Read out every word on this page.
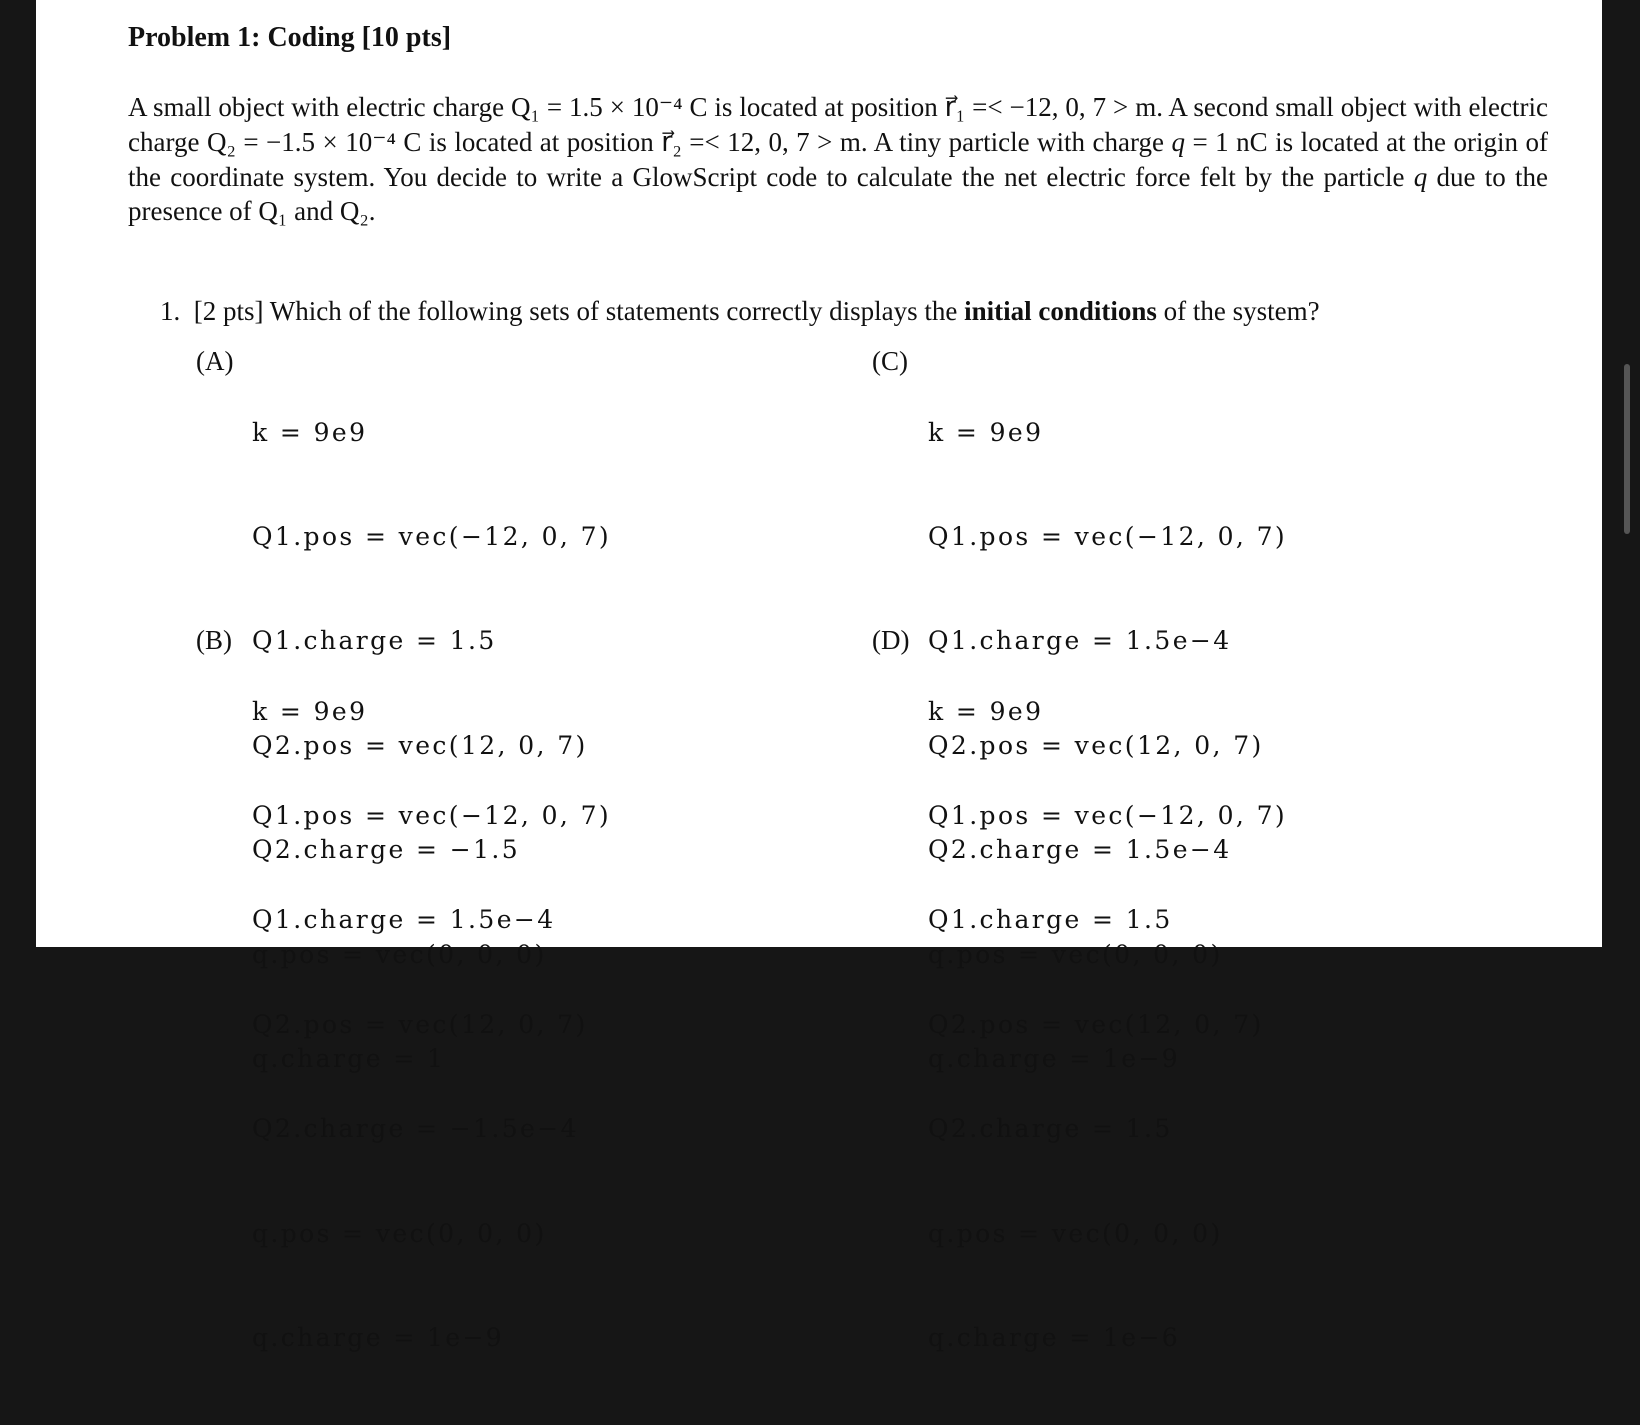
Problem 1: Coding [10 pts]
A small object with electric charge Q₁ = 1.5 × 10⁻⁴ C is located at position r⃗₁ =< −12, 0, 7 > m. A second small object with electric charge Q₂ = −1.5 × 10⁻⁴ C is located at position r⃗₂ =< 12, 0, 7 > m. A tiny particle with charge q = 1 nC is located at the origin of the coordinate system. You decide to write a GlowScript code to calculate the net electric force felt by the particle q due to the presence of Q₁ and Q₂.
1. [2 pts] Which of the following sets of statements correctly displays the initial conditions of the system?
(A)

k = 9e9

Q1.pos = vec(−12, 0, 7)

Q1.charge = 1.5

Q2.pos = vec(12, 0, 7)

Q2.charge = −1.5

q.pos = vec(0, 0, 0)

q.charge = 1

(B)

k = 9e9

Q1.pos = vec(−12, 0, 7)

Q1.charge = 1.5e−4

Q2.pos = vec(12, 0, 7)

Q2.charge = −1.5e−4

q.pos = vec(0, 0, 0)

q.charge = 1e−9

(C)

k = 9e9

Q1.pos = vec(−12, 0, 7)

Q1.charge = 1.5e−4

Q2.pos = vec(12, 0, 7)

Q2.charge = 1.5e−4

q.pos = vec(0, 0, 0)

q.charge = 1e−9

(D)

k = 9e9

Q1.pos = vec(−12, 0, 7)

Q1.charge = 1.5

Q2.pos = vec(12, 0, 7)

Q2.charge = 1.5

q.pos = vec(0, 0, 0)

q.charge = 1e−6
